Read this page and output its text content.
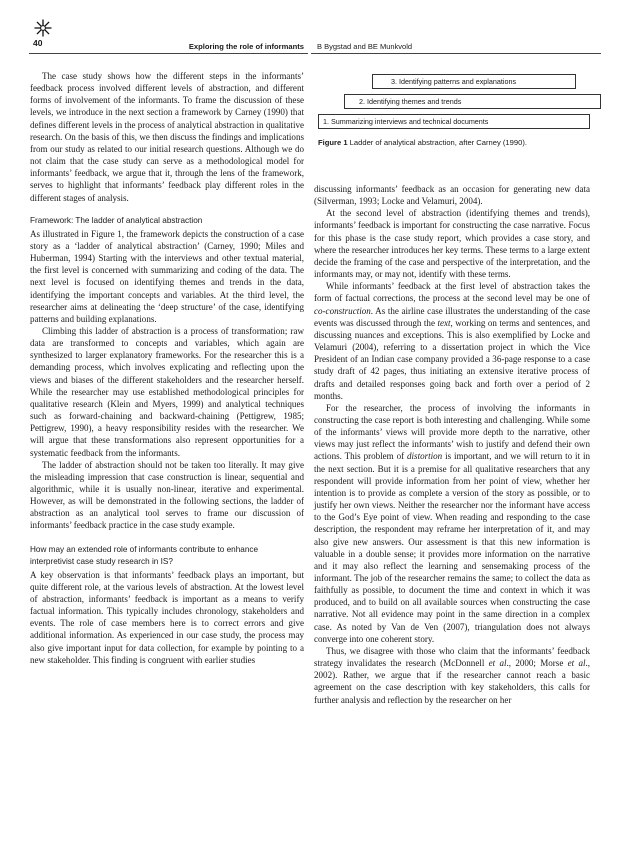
40	Exploring the role of informants B Bygstad and BE Munkvold

The case study shows how the different steps in the informants’ feedback process involved different levels of abstraction, and different forms of involvement of the informants. To frame the discussion of these levels, we introduce in the next section a framework by Carney (1990) that defines different levels in the process of analytical abstraction in qualitative research. On the basis of this, we then discuss the findings and implications from our study as related to our initial research questions. Although we do not claim that the case study can serve as a methodological model for informants’ feedback, we argue that it, through the lens of the framework, serves to highlight that informants’ feedback play different roles in the different stages of analysis.

Framework: The ladder of analytical abstraction

As illustrated in Figure 1, the framework depicts the construction of a case story as a ‘ladder of analytical abstraction’ (Carney, 1990; Miles and Huberman, 1994) Starting with the interviews and other textual material, the first level is concerned with summarizing and coding of the data. The next level is focused on identifying themes and trends in the data, identifying the important concepts and variables. At the third level, the researcher aims at delineating the ‘deep structure’ of the case, identifying patterns and building explanations.

Climbing this ladder of abstraction is a process of transformation; raw data are transformed to concepts and variables, which again are synthesized to larger explanatory frameworks. For the researcher this is a demanding process, which involves explicating and reflecting upon the views and biases of the different stakeholders and the researcher herself. While the researcher may use established methodological principles for qualitative research (Klein and Myers, 1999) and analytical techniques such as forward-chaining and backward-chaining (Pettigrew, 1985; Pettigrew, 1990), a heavy responsibility resides with the researcher. We will argue that these transformations also represent opportunities for a systematic feedback from the informants.

The ladder of abstraction should not be taken too literally. It may give the misleading impression that case construction is linear, sequential and algorithmic, while it is usually non-linear, iterative and experimental. However, as will be demonstrated in the following sections, the ladder of abstraction as an analytical tool serves to frame our discussion of informants’ feedback practice in the case study example.

How may an extended role of informants contribute to enhance interpretivist case study research in IS?

A key observation is that informants’ feedback plays an important, but quite different role, at the various levels of abstraction. At the lowest level of abstraction, informants’ feedback is important as a means to verify factual information. This typically includes chronology, stakeholders and events. The role of case members here is to correct errors and give additional information. As experienced in our case study, the process may also give important input for data collection, for example by pointing to a new stakeholder. This finding is congruent with earlier studies

3. Identifying patterns and explanations
2. Identifying themes and trends
1. Summarizing interviews and technical documents
Figure 1 Ladder of analytical abstraction, after Carney (1990).

discussing informants’ feedback as an occasion for generating new data (Silverman, 1993; Locke and Velamuri, 2004).

At the second level of abstraction (identifying themes and trends), informants’ feedback is important for constructing the case narrative. Focus for this phase is the case study report, which provides a case story, and where the researcher introduces her key terms. These terms to a large extent decide the framing of the case and perspective of the interpretation, and the informants may, or may not, identify with these terms.

While informants’ feedback at the first level of abstraction takes the form of factual corrections, the process at the second level may be one of co-construction. As the airline case illustrates the understanding of the case events was discussed through the text, working on terms and sentences, and discussing nuances and exceptions. This is also exemplified by Locke and Velamuri (2004), referring to a dissertation project in which the Vice President of an Indian case company provided a 36-page response to a case study draft of 42 pages, thus initiating an extensive iterative process of drafts and detailed responses going back and forth over a period of 2 months.

For the researcher, the process of involving the informants in constructing the case report is both interesting and challenging. While some of the informants’ views will provide more depth to the narrative, other views may just reflect the informants’ wish to justify and defend their own actions. This problem of distortion is important, and we will return to it in the next section. But it is a premise for all qualitative researchers that any respondent will provide information from her point of view, whether her intention is to provide as complete a version of the story as possible, or to justify her own views. Neither the researcher nor the informant have access to the God’s Eye point of view. When reading and responding to the case description, the respondent may reframe her interpretation of it, and may also give new answers. Our assessment is that this new information is valuable in a double sense; it provides more information on the narrative and it may also reflect the learning and sensemaking process of the informant. The job of the researcher remains the same; to collect the data as faithfully as possible, to document the time and context in which it was produced, and to build on all available sources when constructing the case narrative. Not all evidence may point in the same direction in a complex case. As noted by Van de Ven (2007), triangulation does not always converge into one coherent story.

Thus, we disagree with those who claim that the informants’ feedback strategy invalidates the research (McDonnell et al., 2000; Morse et al., 2002). Rather, we argue that if the researcher cannot reach a basic agreement on the case description with key stakeholders, this calls for further analysis and reflection by the researcher on her
